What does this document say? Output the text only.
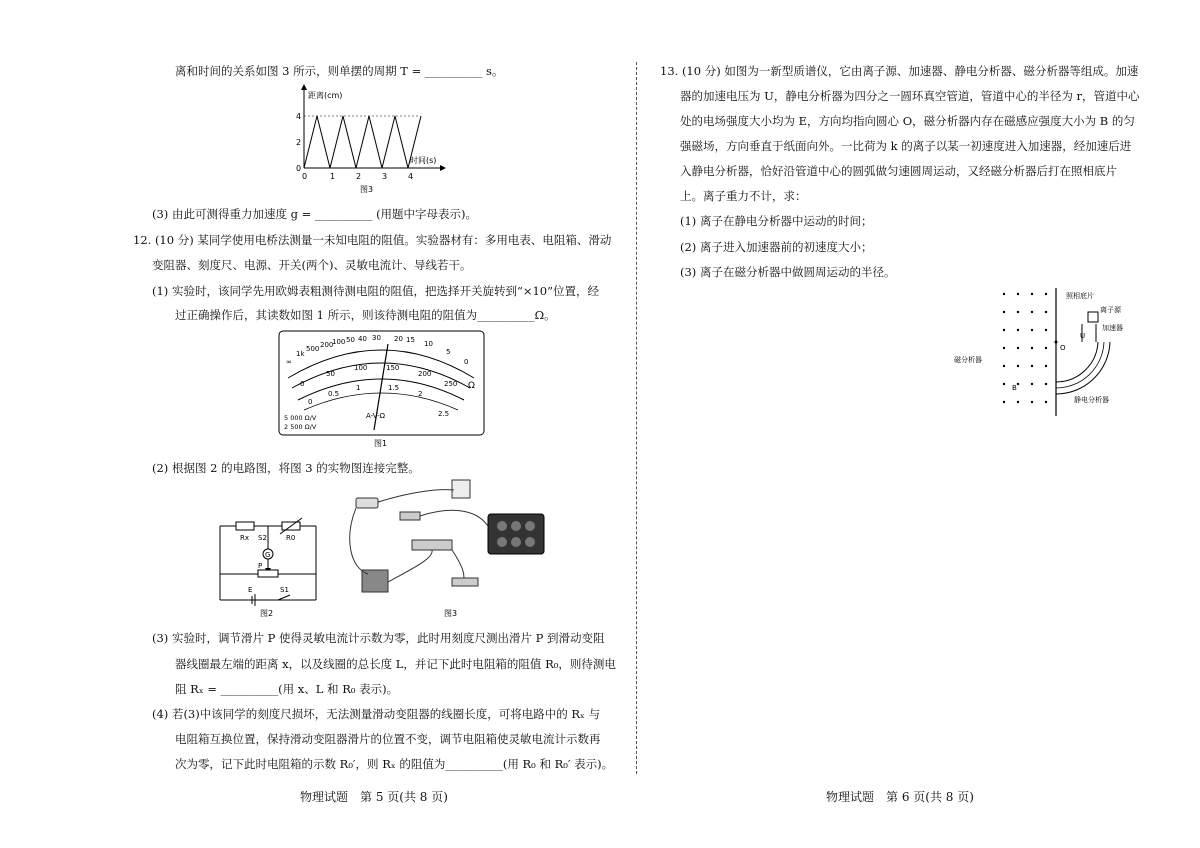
离和时间的关系如图 3 所示，则单摆的周期 T = __________ s。
距离(cm)
时间(s)
0
2
4
0	1	2	3	4
图3
(3) 由此可测得重力加速度 g = __________ (用题中字母表示)。
12. (10 分) 某同学使用电桥法测量一未知电阻的阻值。实验器材有：多用电表、电阻箱、滑动
变阻器、刻度尺、电源、开关(两个)、灵敏电流计、导线若干。
(1) 实验时，该同学先用欧姆表粗测待测电阻的阻值，把选择开关旋转到“×10”位置，经
过正确操作后，其读数如图 1 所示，则该待测电阻的阻值为__________Ω。
∞
1k
500 200
100 50 40 30 20 15 10
5
0
Ω
0
50
100	150
200
250
0
0.5
1	1.5
2
2.5
5 000 Ω/V
2 500 Ω/V
A-V-Ω
图1
(2) 根据图 2 的电路图，将图 3 的实物图连接完整。
Rx S2	R0
G
P
E	S1
图2	图3
(3) 实验时，调节滑片 P 使得灵敏电流计示数为零，此时用刻度尺测出滑片 P 到滑动变阻
器线圈最左端的距离 x，以及线圈的总长度 L，并记下此时电阻箱的阻值 R₀，则待测电
阻 Rₓ = __________(用 x、L 和 R₀ 表示)。
(4) 若(3)中该同学的刻度尺损坏，无法测量滑动变阻器的线圈长度，可将电路中的 Rₓ 与
电阻箱互换位置，保持滑动变阻器滑片的位置不变，调节电阻箱使灵敏电流计示数再
次为零，记下此时电阻箱的示数 R₀′，则 Rₓ 的阻值为__________(用 R₀ 和 R₀′ 表示)。
物理试题　第 5 页(共 8 页)
13. (10 分) 如图为一新型质谱仪，它由离子源、加速器、静电分析器、磁分析器等组成。加速
器的加速电压为 U，静电分析器为四分之一圆环真空管道，管道中心的半径为 r，管道中心
处的电场强度大小均为 E，方向均指向圆心 O，磁分析器内存在磁感应强度大小为 B 的匀
强磁场，方向垂直于纸面向外。一比荷为 k 的离子以某一初速度进入加速器，经加速后进
入静电分析器，恰好沿管道中心的圆弧做匀速圆周运动，又经磁分析器后打在照相底片
上。离子重力不计，求：
(1) 离子在静电分析器中运动的时间；
(2) 离子进入加速器前的初速度大小；
(3) 离子在磁分析器中做圆周运动的半径。
照相底片
离子源
加速器
磁分析器
静电分析器
U
O
B
物理试题　第 6 页(共 8 页)
